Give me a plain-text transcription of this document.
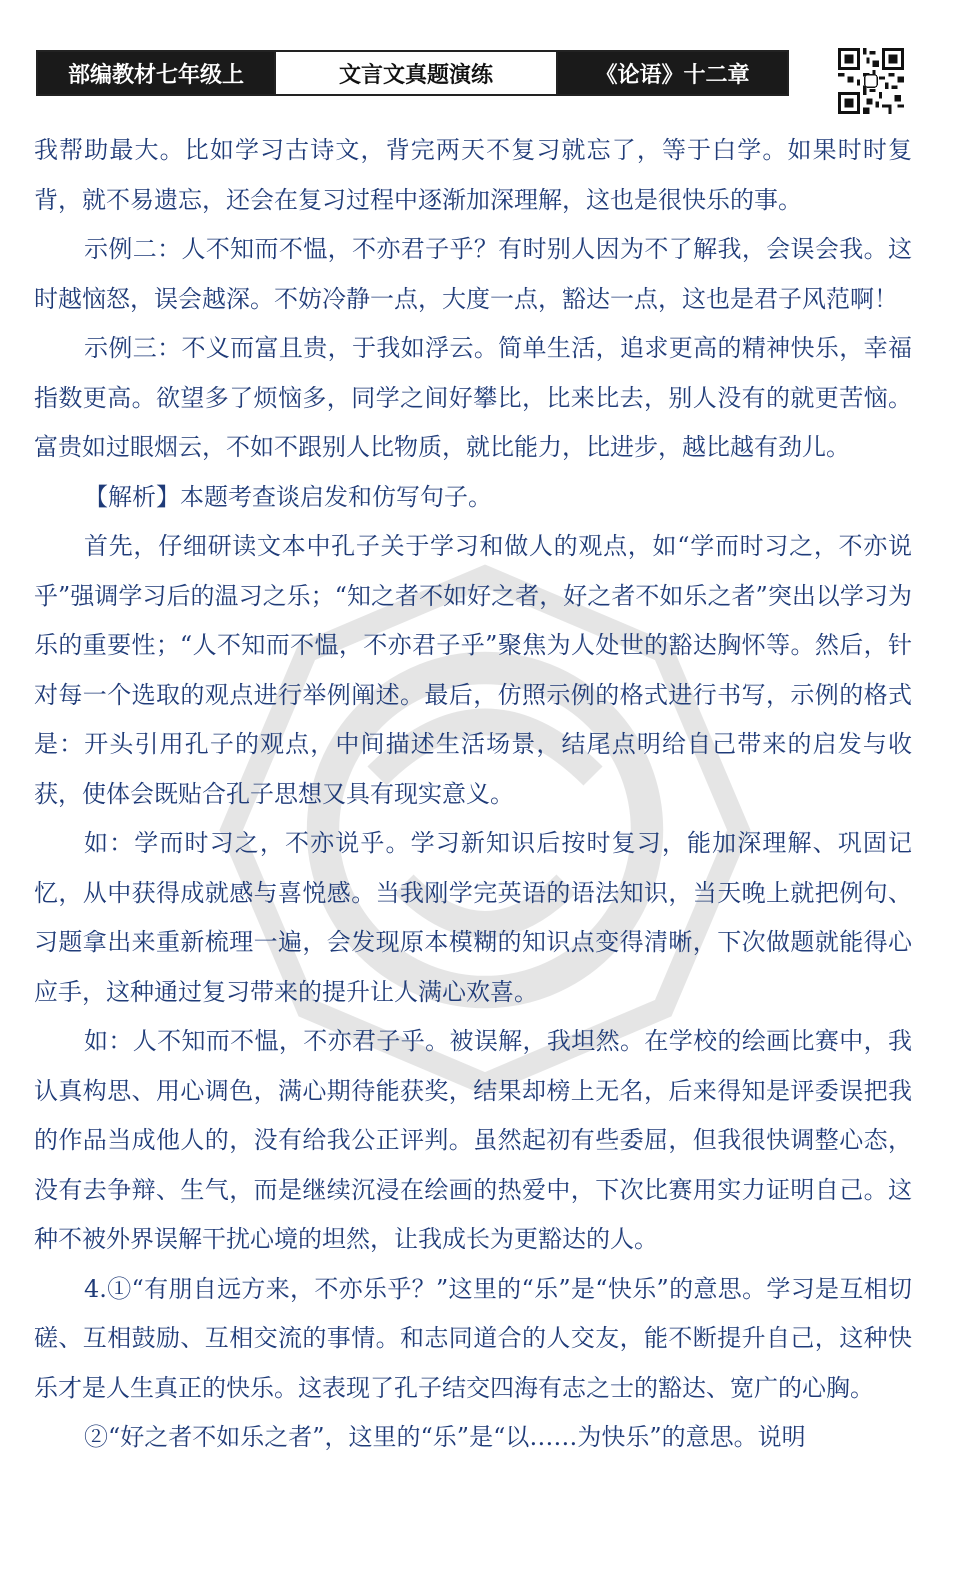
部编教材七年级上	文言文真题演练	《论语》十二章

我帮助最大。比如学习古诗文，背完两天不复习就忘了，等于白学。如果时时复背，就不易遗忘，还会在复习过程中逐渐加深理解，这也是很快乐的事。

示例二：人不知而不愠，不亦君子乎？有时别人因为不了解我，会误会我。这时越恼怒，误会越深。不妨冷静一点，大度一点，豁达一点，这也是君子风范啊！

示例三：不义而富且贵，于我如浮云。简单生活，追求更高的精神快乐，幸福指数更高。欲望多了烦恼多，同学之间好攀比，比来比去，别人没有的就更苦恼。富贵如过眼烟云，不如不跟别人比物质，就比能力，比进步，越比越有劲儿。

【解析】本题考查谈启发和仿写句子。

首先，仔细研读文本中孔子关于学习和做人的观点，如“学而时习之，不亦说乎”强调学习后的温习之乐；“知之者不如好之者，好之者不如乐之者”突出以学习为乐的重要性；“人不知而不愠，不亦君子乎”聚焦为人处世的豁达胸怀等。然后，针对每一个选取的观点进行举例阐述。最后，仿照示例的格式进行书写，示例的格式是：开头引用孔子的观点，中间描述生活场景，结尾点明给自己带来的启发与收获，使体会既贴合孔子思想又具有现实意义。

如：学而时习之，不亦说乎。学习新知识后按时复习，能加深理解、巩固记忆，从中获得成就感与喜悦感。当我刚学完英语的语法知识，当天晚上就把例句、习题拿出来重新梳理一遍，会发现原本模糊的知识点变得清晰，下次做题就能得心应手，这种通过复习带来的提升让人满心欢喜。

如：人不知而不愠，不亦君子乎。被误解，我坦然。在学校的绘画比赛中，我认真构思、用心调色，满心期待能获奖，结果却榜上无名，后来得知是评委误把我的作品当成他人的，没有给我公正评判。虽然起初有些委屈，但我很快调整心态，没有去争辩、生气，而是继续沉浸在绘画的热爱中，下次比赛用实力证明自己。这种不被外界误解干扰心境的坦然，让我成长为更豁达的人。

4.①“有朋自远方来，不亦乐乎？”这里的“乐”是“快乐”的意思。学习是互相切磋、互相鼓励、互相交流的事情。和志同道合的人交友，能不断提升自己，这种快乐才是人生真正的快乐。这表现了孔子结交四海有志之士的豁达、宽广的心胸。

②“好之者不如乐之者”，这里的“乐”是“以……为快乐”的意思。说明
